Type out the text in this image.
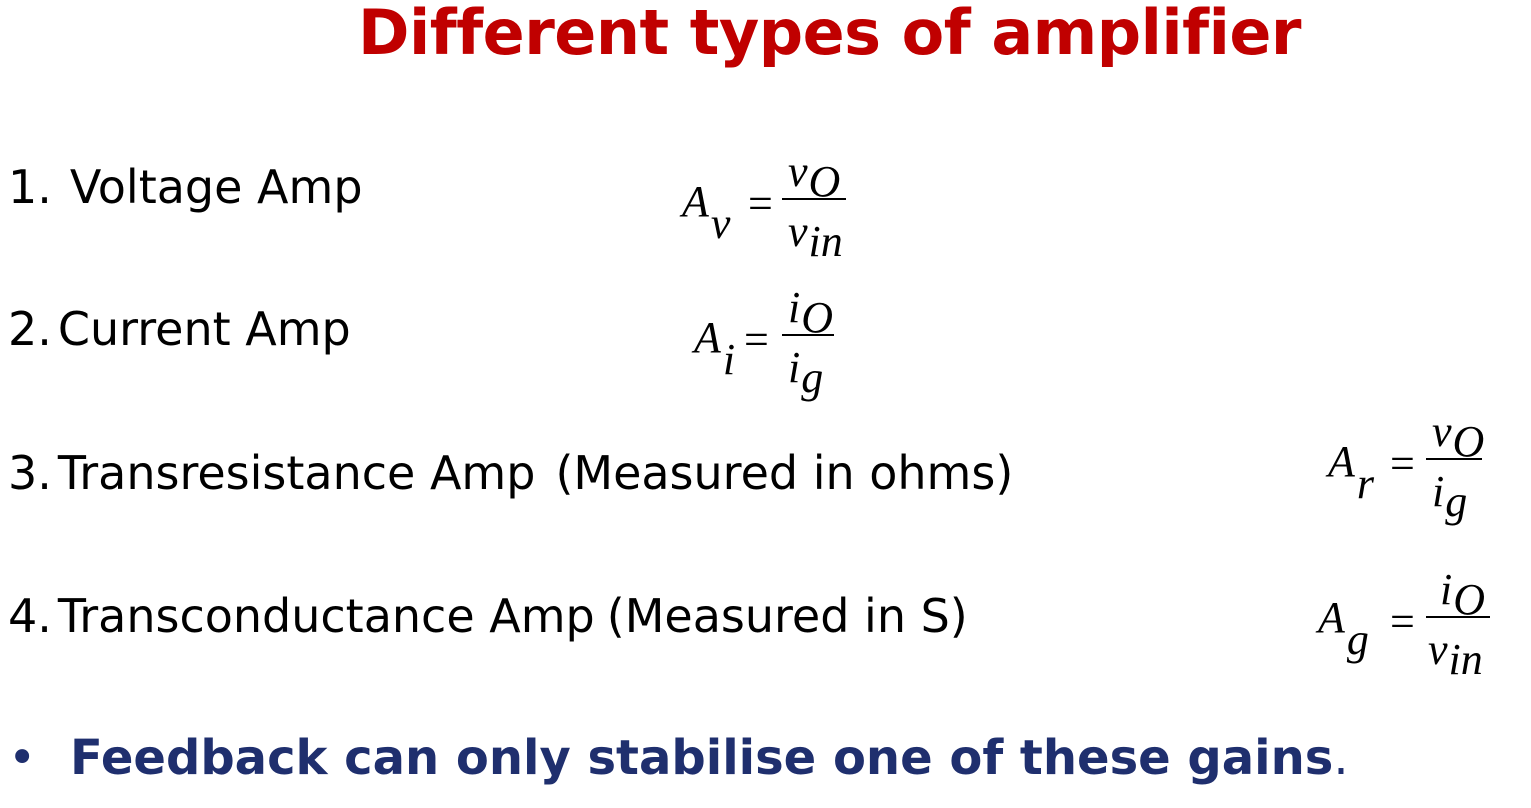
Different types of amplifier
1. Voltage Amp
2. Current Amp
3. Transresistance Amp (Measured in ohms)
4. Transconductance Amp (Measured in S)
Av =
vO
vin
Ai =
iO
ig
Ar =
vO
ig
Ag =
iO
vin
• Feedback can only stabilise one of these gains.
